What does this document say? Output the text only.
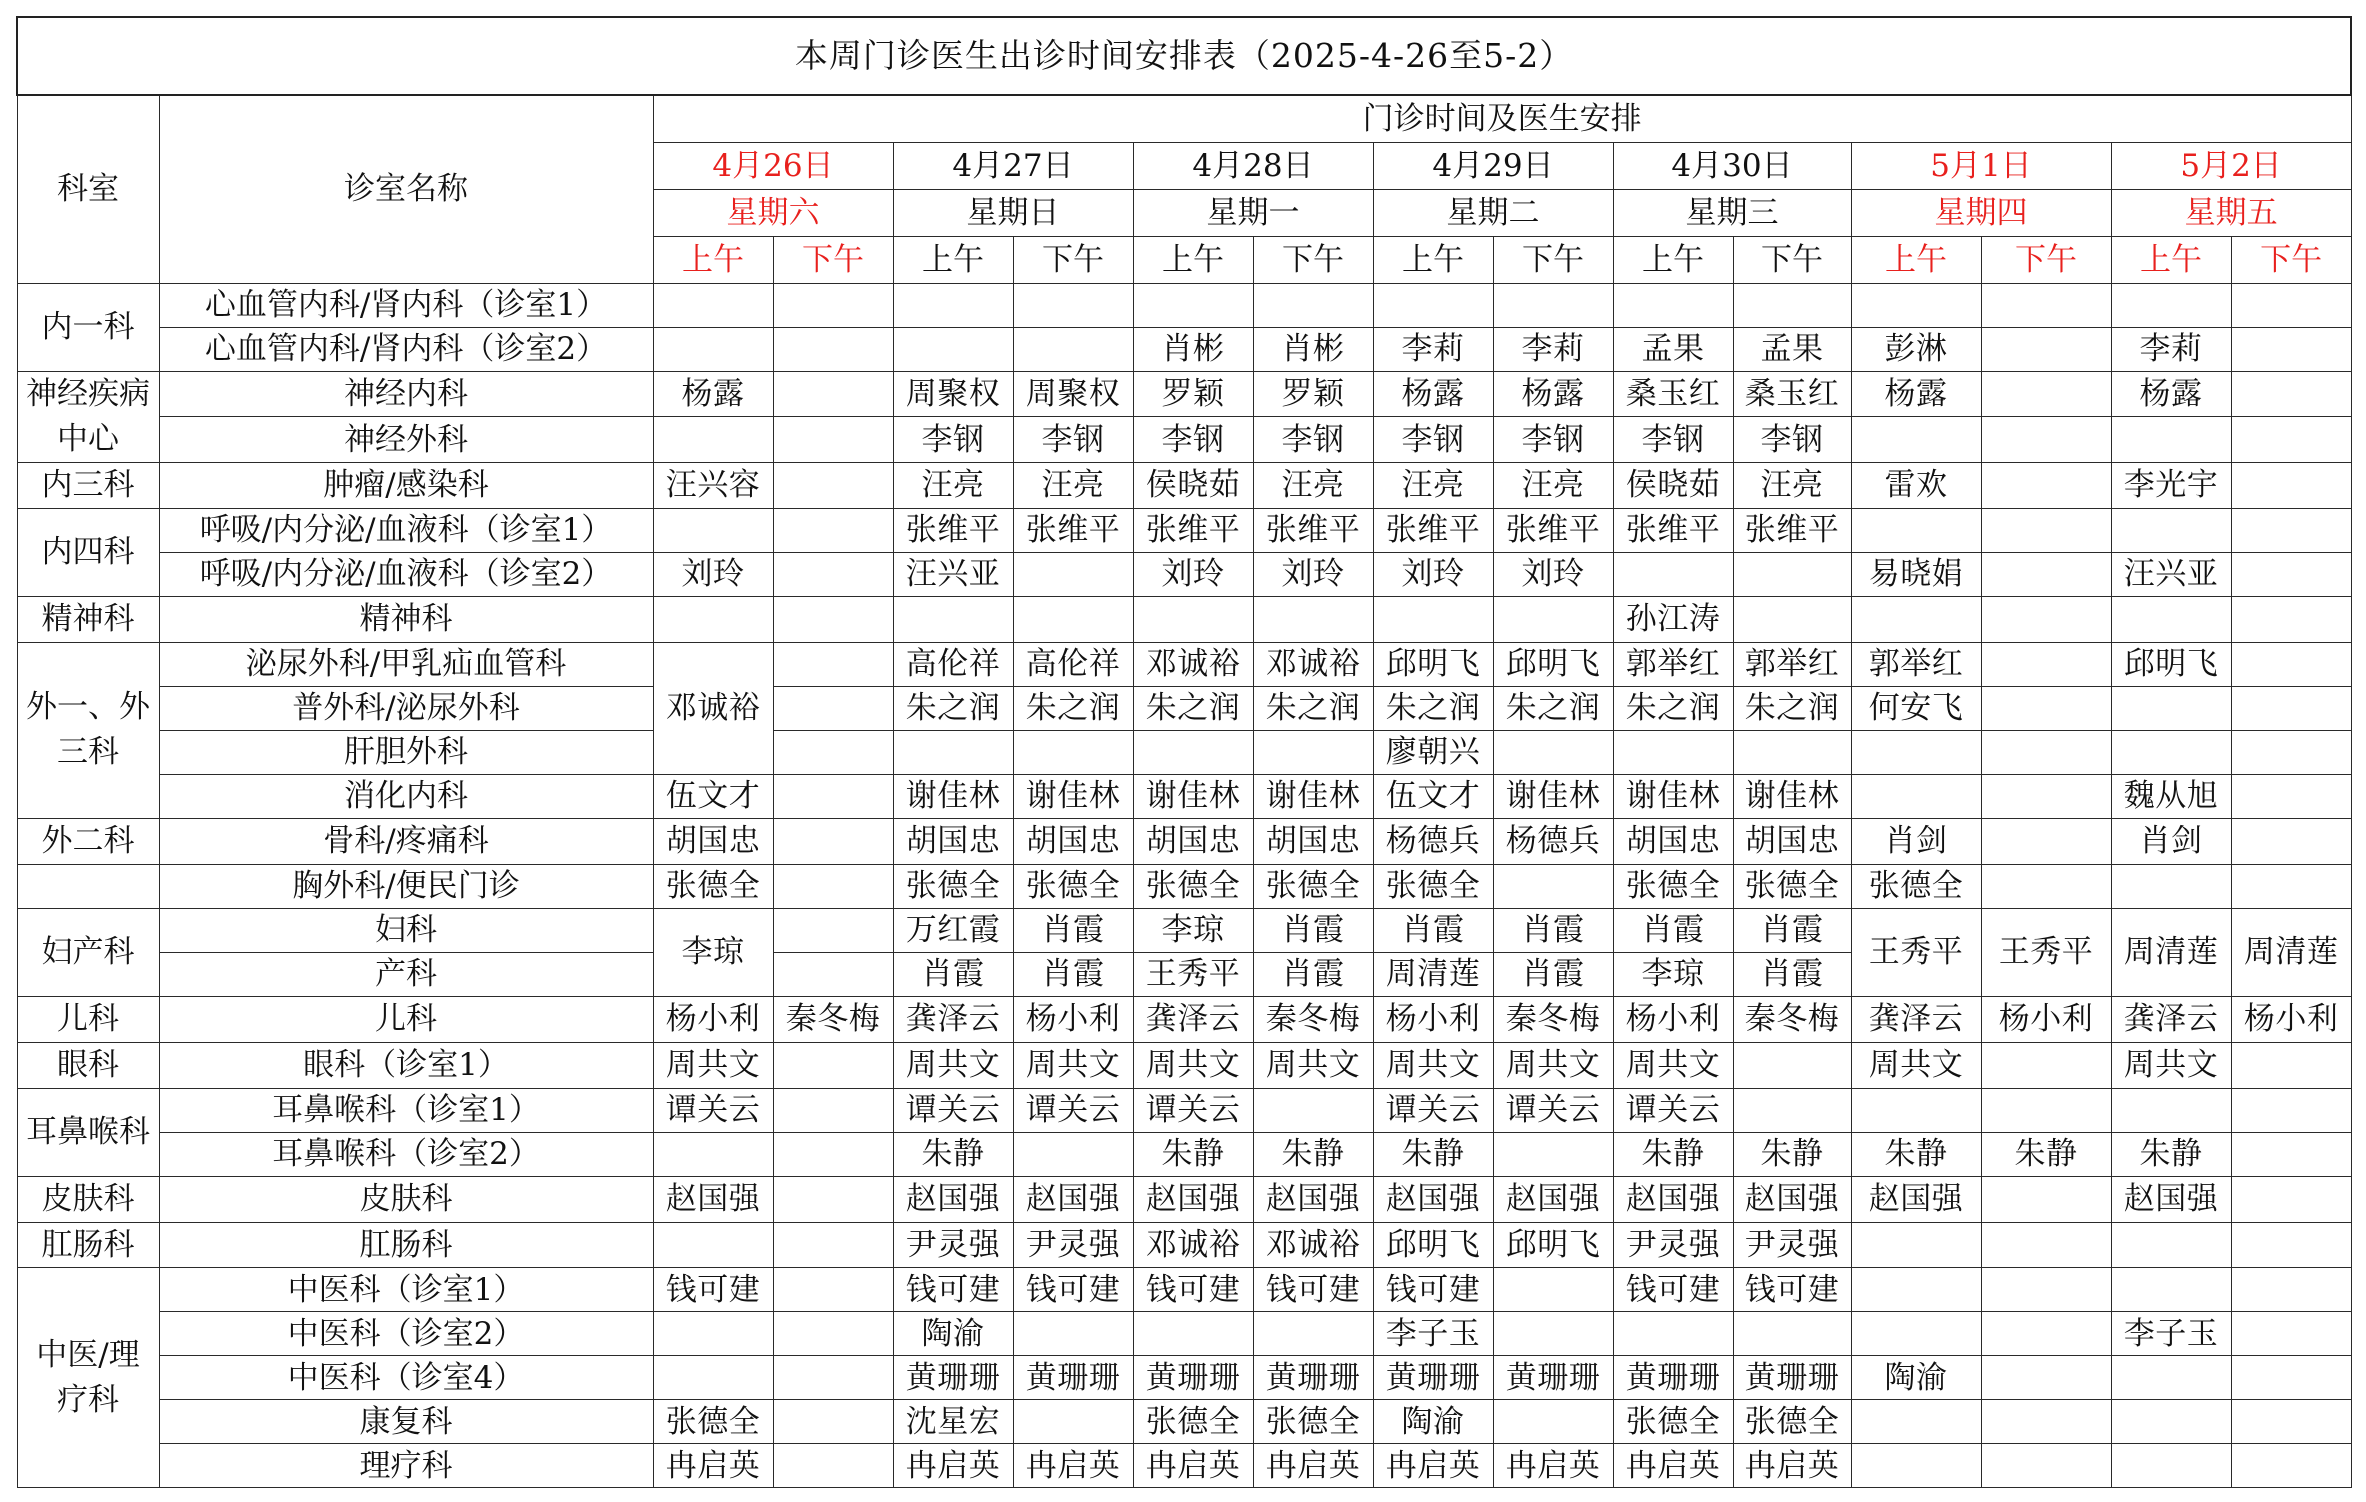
本周门诊医生出诊时间安排表（2025-4-26至5-2）															
科室	诊室名称	门诊时间及医生安排													
		4月26日		4月27日		4月28日		4月29日		4月30日		5月1日		5月2日	
		星期六		星期日		星期一		星期二		星期三		星期四		星期五	
		上午	下午	上午	下午	上午	下午	上午	下午	上午	下午	上午	下午	上午	下午
内一科	心血管内科/肾内科（诊室1）														
	心血管内科/肾内科（诊室2）					肖彬	肖彬	李莉	李莉	孟果	孟果	彭淋		李莉	
神经疾病中心	神经内科	杨露		周聚权	周聚权	罗颖	罗颖	杨露	杨露	桑玉红	桑玉红	杨露		杨露	
	神经外科			李钢	李钢	李钢	李钢	李钢	李钢	李钢	李钢				
内三科	肿瘤/感染科	汪兴容		汪亮	汪亮	侯晓茹	汪亮	汪亮	汪亮	侯晓茹	汪亮	雷欢		李光宇	
内四科	呼吸/内分泌/血液科（诊室1）			张维平	张维平	张维平	张维平	张维平	张维平	张维平	张维平				
	呼吸/内分泌/血液科（诊室2）	刘玲		汪兴亚		刘玲	刘玲	刘玲	刘玲			易晓娟		汪兴亚	
精神科	精神科									孙江涛					
外一、外三科	泌尿外科/甲乳疝血管科	邓诚裕		高伦祥	高伦祥	邓诚裕	邓诚裕	邱明飞	邱明飞	郭举红	郭举红	郭举红		邱明飞	
	普外科/泌尿外科			朱之润	朱之润	朱之润	朱之润	朱之润	朱之润	朱之润	朱之润	何安飞			
	肝胆外科							廖朝兴							
	消化内科	伍文才		谢佳林	谢佳林	谢佳林	谢佳林	伍文才	谢佳林	谢佳林	谢佳林			魏从旭	
外二科	骨科/疼痛科	胡国忠		胡国忠	胡国忠	胡国忠	胡国忠	杨德兵	杨德兵	胡国忠	胡国忠	肖剑		肖剑	
	胸外科/便民门诊	张德全		张德全	张德全	张德全	张德全	张德全		张德全	张德全	张德全			
妇产科	妇科	李琼		万红霞	肖霞	李琼	肖霞	肖霞	肖霞	肖霞	肖霞	王秀平	王秀平	周清莲	周清莲
	产科			肖霞	肖霞	王秀平	肖霞	周清莲	肖霞	李琼	肖霞				
儿科	儿科	杨小利	秦冬梅	龚泽云	杨小利	龚泽云	秦冬梅	杨小利	秦冬梅	杨小利	秦冬梅	龚泽云	杨小利	龚泽云	杨小利
眼科	眼科（诊室1）	周共文		周共文	周共文	周共文	周共文	周共文	周共文	周共文		周共文		周共文	
耳鼻喉科	耳鼻喉科（诊室1）	谭关云		谭关云	谭关云	谭关云		谭关云	谭关云	谭关云					
	耳鼻喉科（诊室2）			朱静		朱静	朱静	朱静		朱静	朱静	朱静	朱静	朱静	
皮肤科	皮肤科	赵国强		赵国强	赵国强	赵国强	赵国强	赵国强	赵国强	赵国强	赵国强	赵国强		赵国强	
肛肠科	肛肠科			尹灵强	尹灵强	邓诚裕	邓诚裕	邱明飞	邱明飞	尹灵强	尹灵强				
中医/理疗科	中医科（诊室1）	钱可建		钱可建	钱可建	钱可建	钱可建	钱可建		钱可建	钱可建				
	中医科（诊室2）			陶渝				李子玉						李子玉	
	中医科（诊室4）			黄珊珊	黄珊珊	黄珊珊	黄珊珊	黄珊珊	黄珊珊	黄珊珊	黄珊珊	陶渝			
	康复科	张德全		沈星宏		张德全	张德全	陶渝		张德全	张德全				
	理疗科	冉启英		冉启英	冉启英	冉启英	冉启英	冉启英	冉启英	冉启英	冉启英				
